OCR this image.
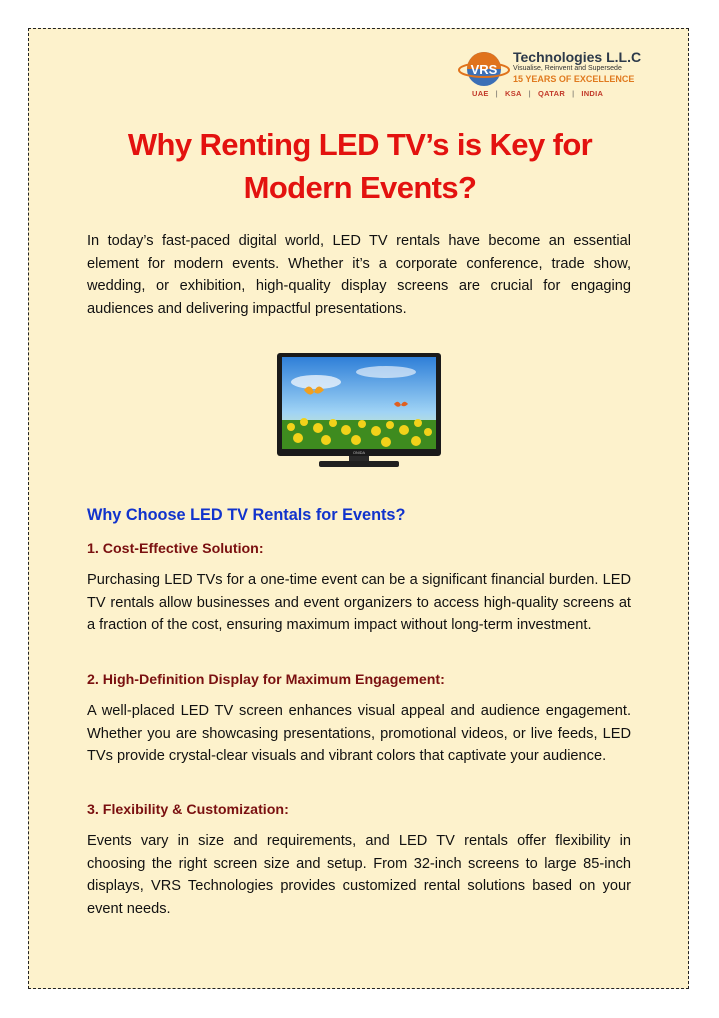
VRS
Technologies L.L.C
Visualise, Reinvent and Supersede
15 YEARS OF EXCELLENCE
UAE | KSA | QATAR | INDIA
Why Renting LED TV’s is Key for Modern Events?

In today’s fast-paced digital world, LED TV rentals have become an essential element for modern events. Whether it’s a corporate conference, trade show, wedding, or exhibition, high-quality display screens are crucial for engaging audiences and delivering impactful presentations.

ONIDA
Why Choose LED TV Rentals for Events?
1. Cost-Effective Solution:

Purchasing LED TVs for a one-time event can be a significant financial burden. LED TV rentals allow businesses and event organizers to access high-quality screens at a fraction of the cost, ensuring maximum impact without long-term investment.

2. High-Definition Display for Maximum Engagement:

A well-placed LED TV screen enhances visual appeal and audience engagement. Whether you are showcasing presentations, promotional videos, or live feeds, LED TVs provide crystal-clear visuals and vibrant colors that captivate your audience.

3. Flexibility & Customization:

Events vary in size and requirements, and LED TV rentals offer flexibility in choosing the right screen size and setup. From 32-inch screens to large 85-inch displays, VRS Technologies provides customized rental solutions based on your event needs.
